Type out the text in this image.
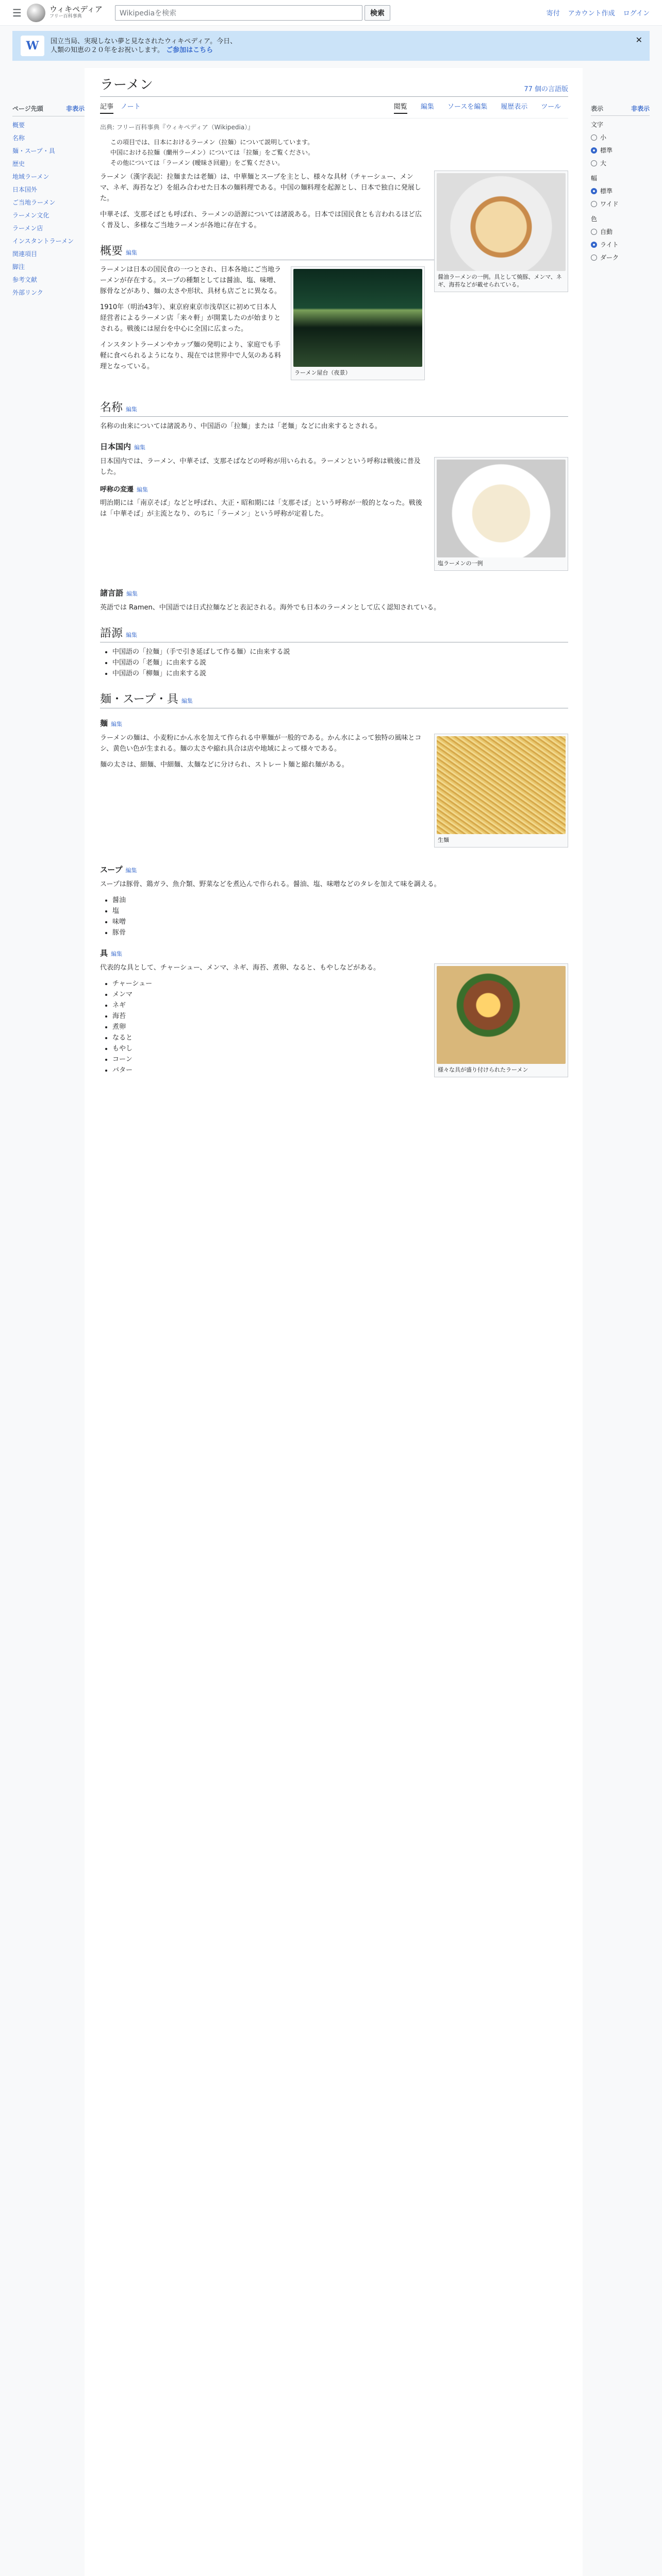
☰	ウィキペディア
フリー百科事典	Wikipediaを検索	検索	寄付 アカウント作成 ログイン
W	国立当局、実現しない夢と見なされたウィキペディア。今日、
人類の知恵の２０年をお祝いします。 ご参加はこちら
✕
ページ先頭	非表示
概要
名称
麺・スープ・具
歴史
地域ラーメン
日本国外
ご当地ラーメン
ラーメン文化
ラーメン店
インスタントラーメン
関連項目
脚注
参考文献
外部リンク
ラーメン	77 個の言語版
記事 ノート	閲覧 編集 ソースを編集 履歴表示 ツール
出典: フリー百科事典『ウィキペディア（Wikipedia）』
この項目では、日本におけるラーメン（拉麺）について説明しています。
中国における拉麺（蘭州ラーメン）については「拉麺」をご覧ください。
その他については「ラーメン (曖昧さ回避)」をご覧ください。
醤油ラーメンの一例。具として焼豚、メンマ、ネギ、海苔などが載せられている。

ラーメン（漢字表記：拉麺または老麺）は、中華麺とスープを主とし、様々な具材（チャーシュー、メンマ、ネギ、海苔など）を組み合わせた日本の麺料理である。中国の麺料理を起源とし、日本で独自に発展した。

中華そば、支那そばとも呼ばれ、ラーメンの語源については諸説ある。日本では国民食とも言われるほど広く普及し、多様なご当地ラーメンが各地に存在する。

概要 編集
ラーメン屋台（夜景）

ラーメンは日本の国民食の一つとされ、日本各地にご当地ラーメンが存在する。スープの種類としては醤油、塩、味噌、豚骨などがあり、麺の太さや形状、具材も店ごとに異なる。

1910年（明治43年）、東京府東京市浅草区に初めて日本人経営者によるラーメン店「来々軒」が開業したのが始まりとされる。戦後には屋台を中心に全国に広まった。

インスタントラーメンやカップ麺の発明により、家庭でも手軽に食べられるようになり、現在では世界中で人気のある料理となっている。

名称 編集

名称の由来については諸説あり、中国語の「拉麺」または「老麺」などに由来するとされる。

日本国内 編集
塩ラーメンの一例

日本国内では、ラーメン、中華そば、支那そばなどの呼称が用いられる。ラーメンという呼称は戦後に普及した。

呼称の変遷 編集

明治期には「南京そば」などと呼ばれ、大正・昭和期には「支那そば」という呼称が一般的となった。戦後は「中華そば」が主流となり、のちに「ラーメン」という呼称が定着した。

諸言語 編集

英語では Ramen、中国語では日式拉麺などと表記される。海外でも日本のラーメンとして広く認知されている。

語源 編集
• 中国語の「拉麺」（手で引き延ばして作る麺）に由来する説
• 中国語の「老麺」に由来する説
• 中国語の「柳麺」に由来する説
麺・スープ・具 編集
麺 編集
生麺

ラーメンの麺は、小麦粉にかん水を加えて作られる中華麺が一般的である。かん水によって独特の風味とコシ、黄色い色が生まれる。麺の太さや縮れ具合は店や地域によって様々である。

麺の太さは、細麺、中細麺、太麺などに分けられ、ストレート麺と縮れ麺がある。

スープ 編集

スープは豚骨、鶏ガラ、魚介類、野菜などを煮込んで作られる。醤油、塩、味噌などのタレを加えて味を調える。

• 醤油
• 塩
• 味噌
• 豚骨
具 編集
様々な具が盛り付けられたラーメン

代表的な具として、チャーシュー、メンマ、ネギ、海苔、煮卵、なると、もやしなどがある。

• チャーシュー
• メンマ
• ネギ
• 海苔
• 煮卵
• なると
• もやし
• コーン
• バター
表示	非表示
文字
小
標準
大
幅
標準
ワイド
色
自動
ライト
ダーク
